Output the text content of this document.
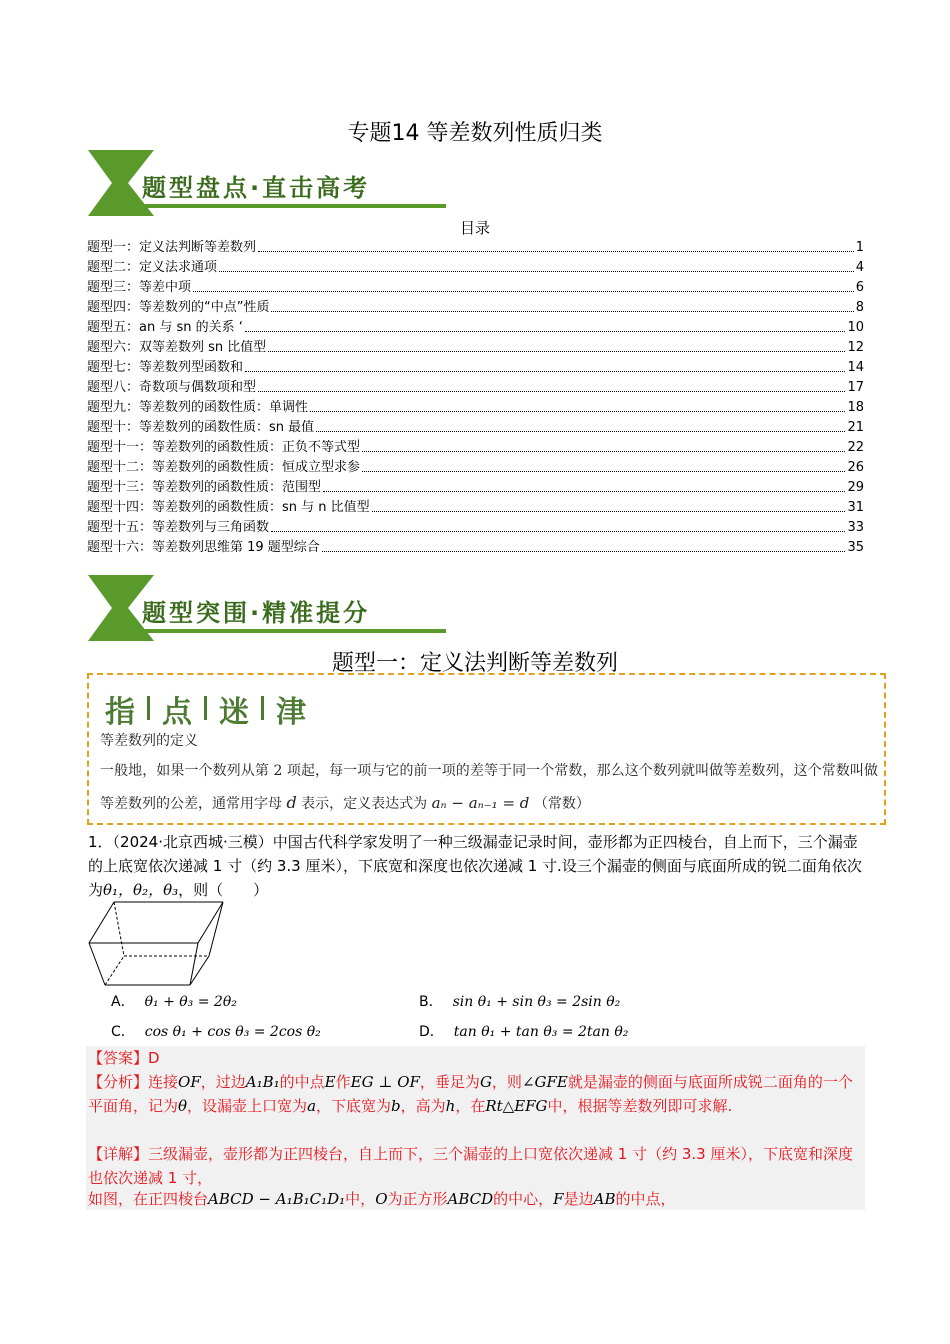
专题14 等差数列性质归类
题型盘点·直击高考
目录
题型一：定义法判断等差数列	1
题型二：定义法求通项	4
题型三：等差中项	6
题型四：等差数列的“中点”性质	8
题型五：an 与 sn 的关系 ‘	10
题型六：双等差数列 sn 比值型	12
题型七：等差数列型函数和	14
题型八：奇数项与偶数项和型	17
题型九：等差数列的函数性质：单调性	18
题型十：等差数列的函数性质：sn 最值	21
题型十一：等差数列的函数性质：正负不等式型	22
题型十二：等差数列的函数性质：恒成立型求参	26
题型十三：等差数列的函数性质：范围型	29
题型十四：等差数列的函数性质：sn 与 n 比值型	31
题型十五：等差数列与三角函数	33
题型十六：等差数列思维第 19 题型综合	35
题型突围·精准提分
题型一：定义法判断等差数列
指 点 迷 津
等差数列的定义
一般地，如果一个数列从第 2 项起，每一项与它的前一项的差等于同一个常数，那么这个数列就叫做等差数列，这个常数叫做等差数列的公差，通常用字母 d 表示，定义表达式为 aₙ − aₙ₋₁ = d （常数）
1．（2024·北京西城·三模）中国古代科学家发明了一种三级漏壶记录时间，壶形都为正四棱台，自上而下，三个漏壶的上底宽依次递减 1 寸（约 3.3 厘米），下底宽和深度也依次递减 1 寸.设三个漏壶的侧面与底面所成的锐二面角依次为θ₁，θ₂，θ₃，则（　　）
A． θ₁ + θ₃ = 2θ₂	B． sin θ₁ + sin θ₃ = 2sin θ₂
C． cos θ₁ + cos θ₃ = 2cos θ₂	D． tan θ₁ + tan θ₃ = 2tan θ₂
【答案】D
【分析】连接OF，过边A₁B₁的中点E作EG ⊥ OF，垂足为G，则∠GFE就是漏壶的侧面与底面所成锐二面角的一个平面角，记为θ，设漏壶上口宽为a，下底宽为b，高为h，在Rt△EFG中，根据等差数列即可求解.
【详解】三级漏壶，壶形都为正四棱台，自上而下，三个漏壶的上口宽依次递减 1 寸（约 3.3 厘米），下底宽和深度也依次递减 1 寸，
如图，在正四棱台ABCD − A₁B₁C₁D₁中，O为正方形ABCD的中心，F是边AB的中点，
